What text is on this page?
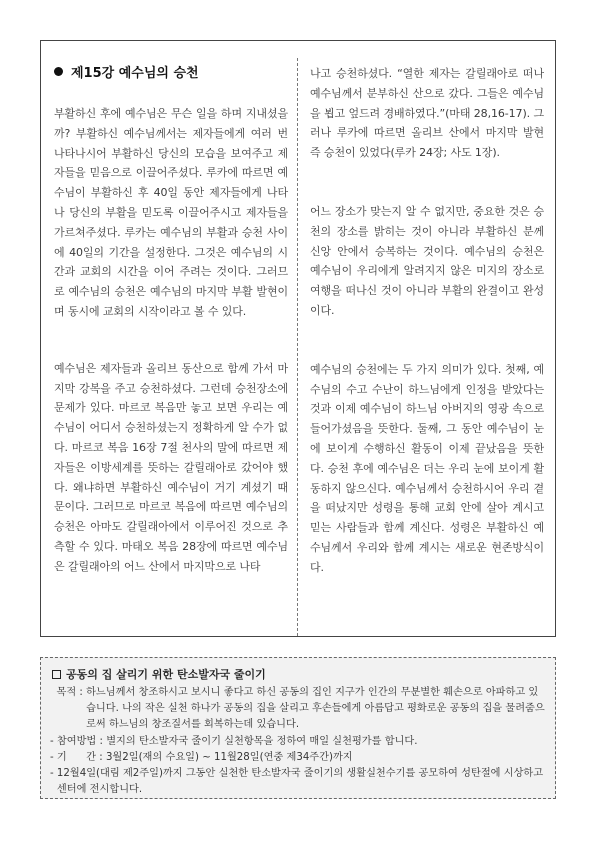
제15강 예수님의 승천

부활하신 후에 예수님은 무슨 일을 하며 지내셨을까? 부활하신 예수님께서는 제자들에게 여러 번 나타나시어 부활하신 당신의 모습을 보여주고 제자들을 믿음으로 이끌어주셨다. 루카에 따르면 예수님이 부활하신 후 40일 동안 제자들에게 나타나 당신의 부활을 믿도록 이끌어주시고 제자들을 가르쳐주셨다. 루카는 예수님의 부활과 승천 사이에 40일의 기간을 설정한다. 그것은 예수님의 시간과 교회의 시간을 이어 주려는 것이다. 그러므로 예수님의 승천은 예수님의 마지막 부활 발현이며 동시에 교회의 시작이라고 볼 수 있다.

예수님은 제자들과 올리브 동산으로 함께 가서 마지막 강복을 주고 승천하셨다. 그런데 승천장소에 문제가 있다. 마르코 복음만 놓고 보면 우리는 예수님이 어디서 승천하셨는지 정확하게 알 수가 없다. 마르코 복음 16장 7절 천사의 말에 따르면 제자들은 이방세계를 뜻하는 갈릴래아로 갔어야 했다. 왜냐하면 부활하신 예수님이 거기 계셨기 때문이다. 그러므로 마르코 복음에 따르면 예수님의 승천은 아마도 갈릴래아에서 이루어진 것으로 추측할 수 있다. 마태오 복음 28장에 따르면 예수님은 갈릴래아의 어느 산에서 마지막으로 나타

나고 승천하셨다. “열한 제자는 갈릴래아로 떠나 예수님께서 분부하신 산으로 갔다. 그들은 예수님을 뵙고 엎드려 경배하였다.”(마태 28,16-17). 그러나 루카에 따르면 올리브 산에서 마지막 발현 즉 승천이 있었다(루카 24장; 사도 1장).

어느 장소가 맞는지 알 수 없지만, 중요한 것은 승천의 장소를 밝히는 것이 아니라 부활하신 분께 신앙 안에서 승복하는 것이다. 예수님의 승천은 예수님이 우리에게 알려지지 않은 미지의 장소로 여행을 떠나신 것이 아니라 부활의 완결이고 완성이다.

예수님의 승천에는 두 가지 의미가 있다. 첫째, 예수님의 수고 수난이 하느님에게 인정을 받았다는 것과 이제 예수님이 하느님 아버지의 영광 속으로 들어가셨음을 뜻한다. 둘째, 그 동안 예수님이 눈에 보이게 수행하신 활동이 이제 끝났음을 뜻한다. 승천 후에 예수님은 더는 우리 눈에 보이게 활동하지 않으신다. 예수님께서 승천하시어 우리 곁을 떠났지만 성령을 통해 교회 안에 살아 계시고 믿는 사람들과 함께 계신다. 성령은 부활하신 예수님께서 우리와 함께 계시는 새로운 현존방식이다.

공동의 집 살리기 위한 탄소발자국 줄이기
목적 : 하느님께서 창조하시고 보시니 좋다고 하신 공동의 집인 지구가 인간의 무분별한 훼손으로 아파하고 있습니다. 나의 작은 실천 하나가 공동의 집을 살리고 후손들에게 아름답고 평화로운 공동의 집을 물려줌으로써 하느님의 창조질서를 회복하는데 있습니다.
- 참여방법 : 별지의 탄소발자국 줄이기 실천항목을 정하여 매일 실천평가를 합니다.
- 기      간 : 3월2일(재의 수요일) ~ 11월28일(연중 제34주간)까지
- 12월4일(대림 제2주일)까지 그동안 실천한 탄소발자국 줄이기의 생활실천수기를 공모하여 성탄절에 시상하고 센터에 전시합니다.
